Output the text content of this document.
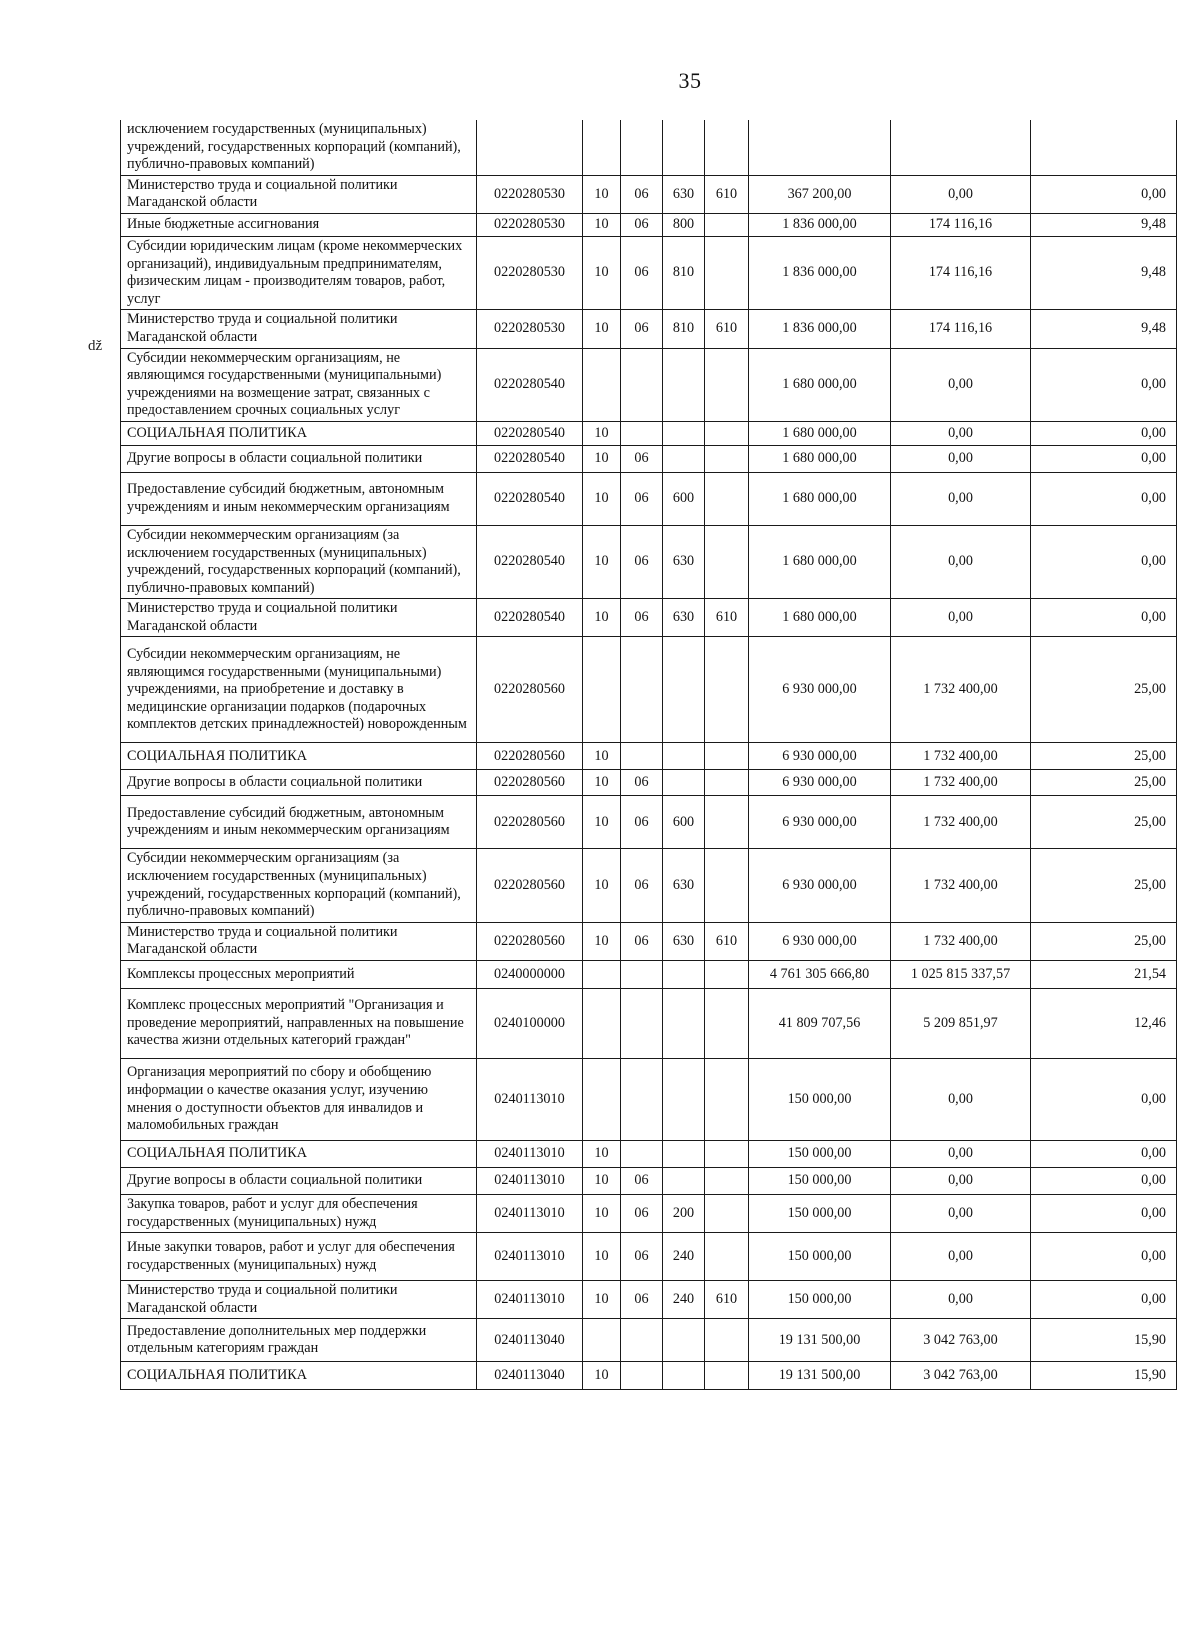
35
ǆ
исключением государственных (муниципальных) учреждений, государственных корпораций (компаний), публично-правовых компаний)								
Министерство труда и социальной политики Магаданской области	0220280530	10	06	630	610	367 200,00	0,00	0,00
Иные бюджетные ассигнования	0220280530	10	06	800		1 836 000,00	174 116,16	9,48
Субсидии юридическим лицам (кроме некоммерческих организаций), индивидуальным предпринимателям, физическим лицам - производителям товаров, работ, услуг	0220280530	10	06	810		1 836 000,00	174 116,16	9,48
Министерство труда и социальной политики Магаданской области	0220280530	10	06	810	610	1 836 000,00	174 116,16	9,48
Субсидии некоммерческим организациям, не являющимся государственными (муниципальными) учреждениями на возмещение затрат, связанных с предоставлением срочных социальных услуг	0220280540					1 680 000,00	0,00	0,00
СОЦИАЛЬНАЯ ПОЛИТИКА	0220280540	10				1 680 000,00	0,00	0,00
Другие вопросы в области социальной политики	0220280540	10	06			1 680 000,00	0,00	0,00
Предоставление субсидий бюджетным, автономным учреждениям и иным некоммерческим организациям	0220280540	10	06	600		1 680 000,00	0,00	0,00
Субсидии некоммерческим организациям (за исключением государственных (муниципальных) учреждений, государственных корпораций (компаний), публично-правовых компаний)	0220280540	10	06	630		1 680 000,00	0,00	0,00
Министерство труда и социальной политики Магаданской области	0220280540	10	06	630	610	1 680 000,00	0,00	0,00
Субсидии некоммерческим организациям, не являющимся государственными (муниципальными) учреждениями, на приобретение и доставку в медицинские организации подарков (подарочных комплектов детских принадлежностей) новорожденным	0220280560					6 930 000,00	1 732 400,00	25,00
СОЦИАЛЬНАЯ ПОЛИТИКА	0220280560	10				6 930 000,00	1 732 400,00	25,00
Другие вопросы в области социальной политики	0220280560	10	06			6 930 000,00	1 732 400,00	25,00
Предоставление субсидий бюджетным, автономным учреждениям и иным некоммерческим организациям	0220280560	10	06	600		6 930 000,00	1 732 400,00	25,00
Субсидии некоммерческим организациям (за исключением государственных (муниципальных) учреждений, государственных корпораций (компаний), публично-правовых компаний)	0220280560	10	06	630		6 930 000,00	1 732 400,00	25,00
Министерство труда и социальной политики Магаданской области	0220280560	10	06	630	610	6 930 000,00	1 732 400,00	25,00
Комплексы процессных мероприятий	0240000000					4 761 305 666,80	1 025 815 337,57	21,54
Комплекс процессных мероприятий "Организация и проведение мероприятий, направленных на повышение качества жизни отдельных категорий граждан"	0240100000					41 809 707,56	5 209 851,97	12,46
Организация мероприятий по сбору и обобщению информации о качестве оказания услуг, изучению мнения о доступности объектов для инвалидов и маломобильных граждан	0240113010					150 000,00	0,00	0,00
СОЦИАЛЬНАЯ ПОЛИТИКА	0240113010	10				150 000,00	0,00	0,00
Другие вопросы в области социальной политики	0240113010	10	06			150 000,00	0,00	0,00
Закупка товаров, работ и услуг для обеспечения государственных (муниципальных) нужд	0240113010	10	06	200		150 000,00	0,00	0,00
Иные закупки товаров, работ и услуг для обеспечения государственных (муниципальных) нужд	0240113010	10	06	240		150 000,00	0,00	0,00
Министерство труда и социальной политики Магаданской области	0240113010	10	06	240	610	150 000,00	0,00	0,00
Предоставление дополнительных мер поддержки отдельным категориям граждан	0240113040					19 131 500,00	3 042 763,00	15,90
СОЦИАЛЬНАЯ ПОЛИТИКА	0240113040	10				19 131 500,00	3 042 763,00	15,90
